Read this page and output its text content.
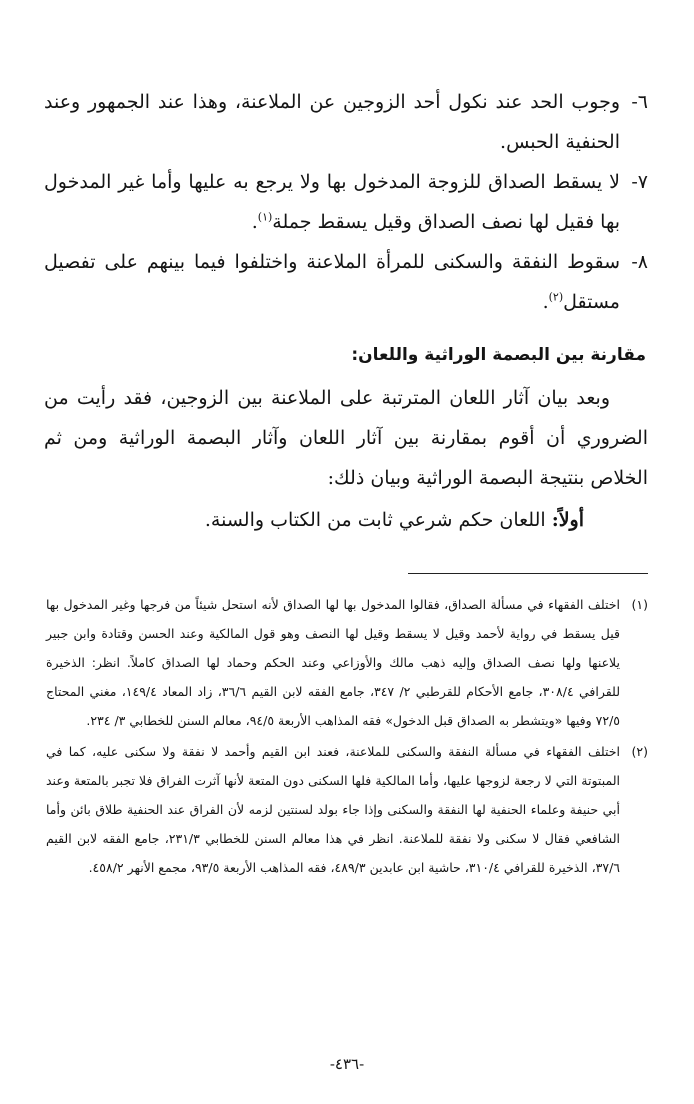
٦-
وجوب الحد عند نكول أحد الزوجين عن الملاعنة، وهذا عند الجمهور وعند الحنفية الحبس.
٧-
لا يسقط الصداق للزوجة المدخول بها ولا يرجع به عليها وأما غير المدخول بها فقيل لها نصف الصداق وقيل يسقط جملة$^{(١)}$.
٨-
سقوط النفقة والسكنى للمرأة الملاعنة واختلفوا فيما بينهم على تفصيل مستقل$^{(٢)}$.
مقارنة بين البصمة الوراثية واللعان:

وبعد بيان آثار اللعان المترتبة على الملاعنة بين الزوجين، فقد رأيت من الضروري أن أقوم بمقارنة بين آثار اللعان وآثار البصمة الوراثية ومن ثم الخلاص بنتيجة البصمة الوراثية وبيان ذلك:

أولاً: اللعان حكم شرعي ثابت من الكتاب والسنة.
(١)
اختلف الفقهاء في مسألة الصداق، فقالوا المدخول بها لها الصداق لأنه استحل شيئاً من فرجها وغير المدخول بها قيل يسقط في رواية لأحمد وقيل لا يسقط وقيل لها النصف وهو قول المالكية وعند الحسن وقتادة وابن جبير يلاعنها ولها نصف الصداق وإليه ذهب مالك والأوزاعي وعند الحكم وحماد لها الصداق كاملاً. انظر: الذخيرة للقرافي ٣٠٨/٤، جامع الأحكام للقرطبي ٢/ ٣٤٧، جامع الفقه لابن القيم ٣٦/٦، زاد المعاد ١٤٩/٤، مغني المحتاج ٧٢/٥ وفيها «ويتشطر به الصداق قبل الدخول» فقه المذاهب الأربعة ٩٤/٥، معالم السنن للخطابي ٣/ ٢٣٤.
(٢)
اختلف الفقهاء في مسألة النفقة والسكنى للملاعنة، فعند ابن القيم وأحمد لا نفقة ولا سكنى عليه، كما في المبتوتة التي لا رجعة لزوجها عليها، وأما المالكية فلها السكنى دون المتعة لأنها آثرت الفراق فلا تجبر بالمتعة وعند أبي حنيفة وعلماء الحنفية لها النفقة والسكنى وإذا جاء بولد لسنتين لزمه لأن الفراق عند الحنفية طلاق بائن وأما الشافعي فقال لا سكنى ولا نفقة للملاعنة. انظر في هذا معالم السنن للخطابي ٢٣١/٣، جامع الفقه لابن القيم ٣٧/٦، الذخيرة للقرافي ٣١٠/٤، حاشية ابن عابدين ٤٨٩/٣، فقه المذاهب الأربعة ٩٣/٥، مجمع الأنهر ٤٥٨/٢.
-٤٣٦-
